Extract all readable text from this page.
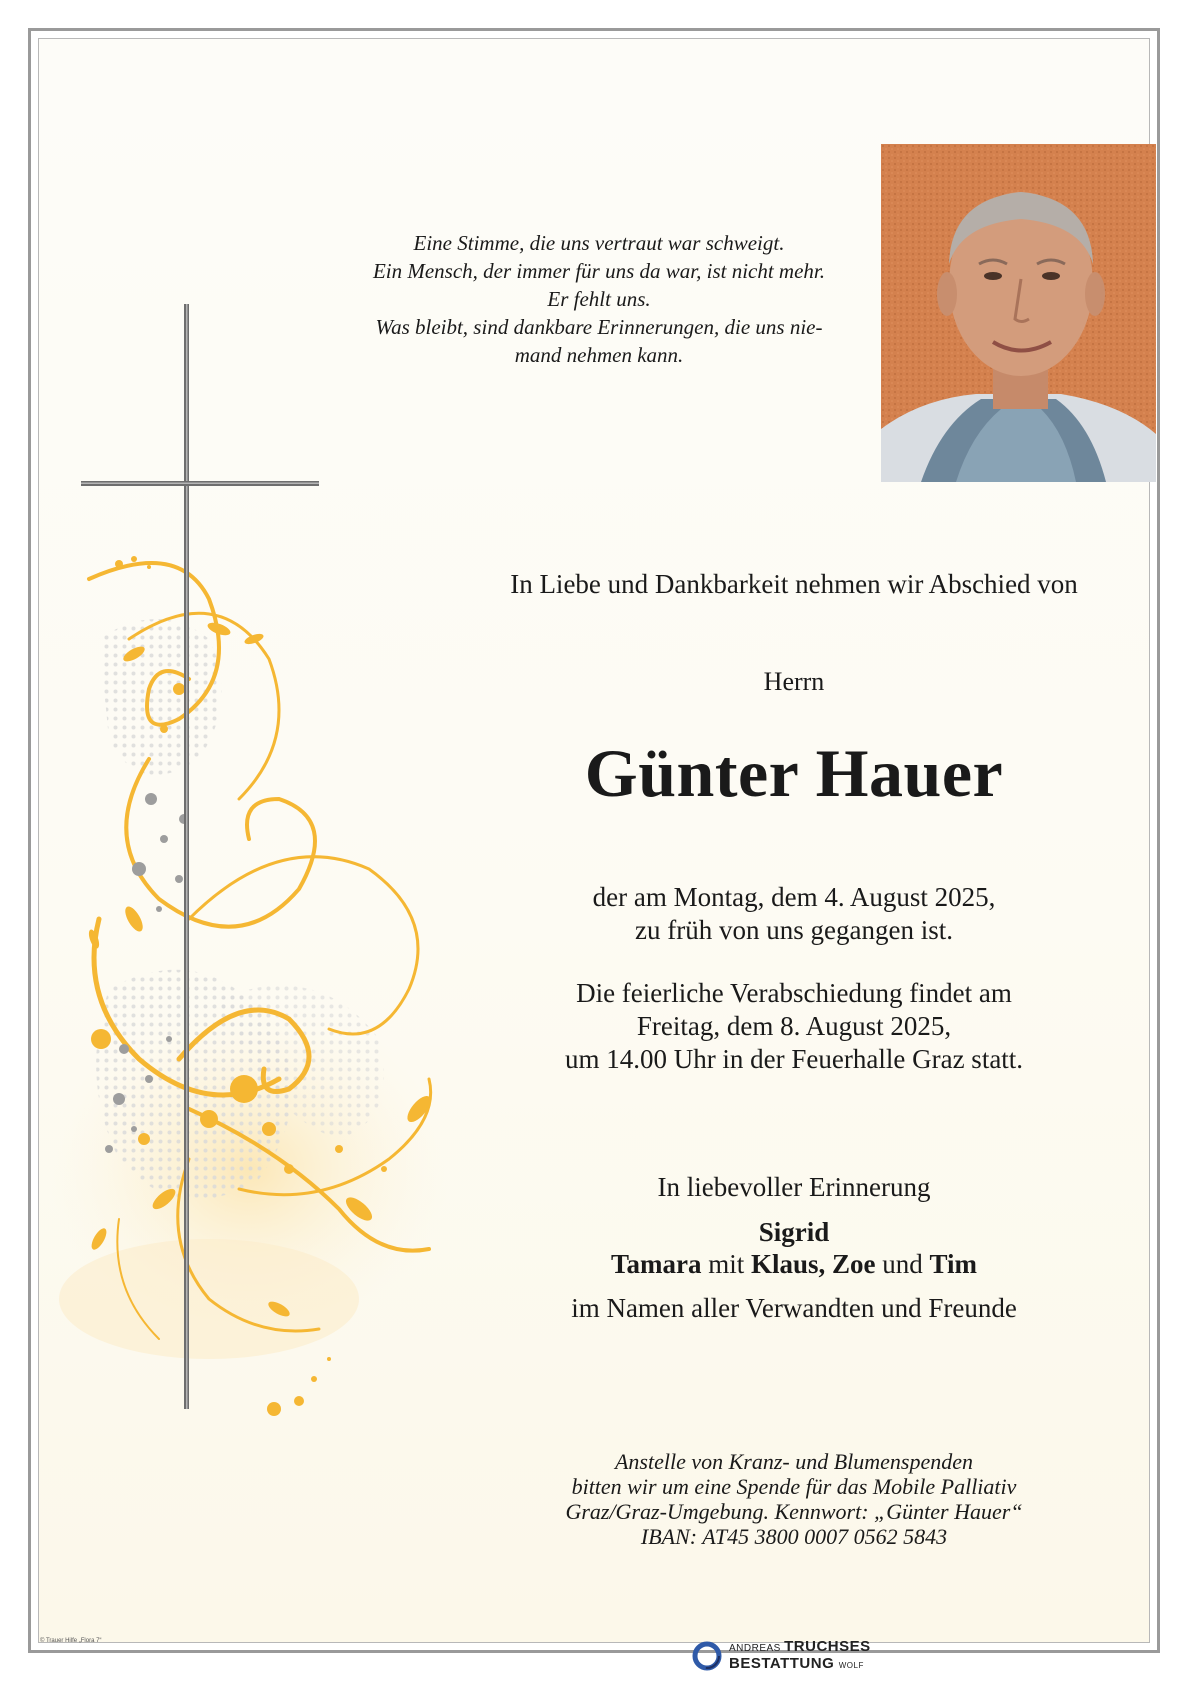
Eine Stimme, die uns vertraut war schweigt.
Ein Mensch, der immer für uns da war, ist nicht mehr.
Er fehlt uns.
Was bleibt, sind dankbare Erinnerungen, die uns nie-
mand nehmen kann.
In Liebe und Dankbarkeit nehmen wir Abschied von
Herrn
Günter Hauer
der am Montag, dem 4. August 2025,
zu früh von uns gegangen ist.
Die feierliche Verabschiedung findet am
Freitag, dem 8. August 2025,
um 14.00 Uhr in der Feuerhalle Graz statt.
In liebevoller Erinnerung
Sigrid
Tamara mit Klaus, Zoe und Tim
im Namen aller Verwandten und Freunde
Anstelle von Kranz- und Blumenspenden
bitten wir um eine Spende für das Mobile Palliativ
Graz/Graz-Umgebung. Kennwort: „Günter Hauer“
IBAN: AT45 3800 0007 0562 5843
ANDREAS TRUCHSES
BESTATTUNG WOLF
© Trauer Hilfe „Flora 7“
